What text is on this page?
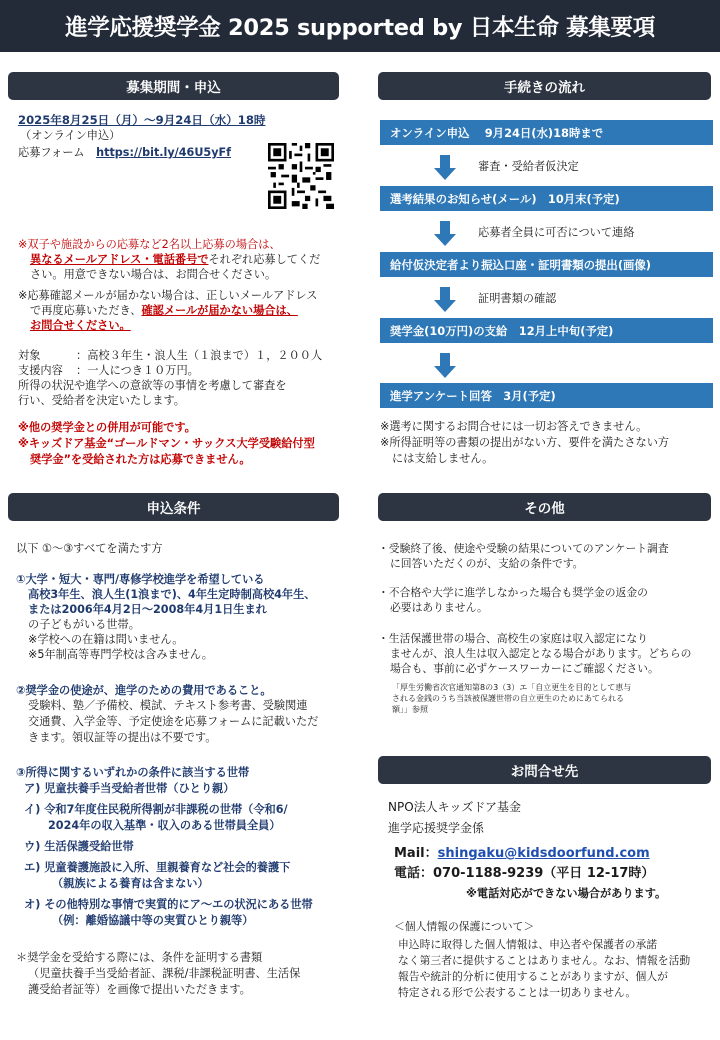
進学応援奨学金 2025 supported by 日本生命 募集要項
募集期間・申込
2025年8月25日（月）～9月24日（水）18時
（オンライン申込）
応募フォーム https://bit.ly/46U5yFf
※双子や施設からの応募など2名以上応募の場合は、
異なるメールアドレス・電話番号でそれぞれ応募してくだ
さい。用意できない場合は、お問合せください。
※応募確認メールが届かない場合は、正しいメールアドレス
で再度応募いただき、確認メールが届かない場合は、
お問合せください。
対象	：高校３年生・浪人生（１浪まで）１，２００人
支援内容 ：一人につき１０万円。
所得の状況や進学への意欲等の事情を考慮して審査を
行い、受給者を決定いたします。
※他の奨学金との併用が可能です。
※キッズドア基金“ゴールドマン・サックス大学受験給付型
奨学金”を受給された方は応募できません。
手続きの流れ
オンライン申込　 9月24日(水)18時まで
審査・受給者仮決定
選考結果のお知らせ(メール)　10月末(予定)
応募者全員に可否について連絡
給付仮決定者より振込口座・証明書類の提出(画像)
証明書類の確認
奨学金(10万円)の支給　12月上中旬(予定)
進学アンケート回答　3月(予定)
※選考に関するお問合せには一切お答えできません。
※所得証明等の書類の提出がない方、要件を満たさない方
には支給しません。
申込条件
以下 ①～③すべてを満たす方
①大学・短大・専門/専修学校進学を希望している
高校3年生、浪人生(1浪まで)、4年生定時制高校4年生、
または2006年4月2日～2008年4月1日生まれ
の子どもがいる世帯。
※学校への在籍は問いません。
※5年制高等専門学校は含みません。
②奨学金の使途が、進学のための費用であること。
受験料、塾／予備校、模試、テキスト参考書、受験関連
交通費、入学金等、予定使途を応募フォームに記載いただ
きます。領収証等の提出は不要です。
③所得に関するいずれかの条件に該当する世帯
ア) 児童扶養手当受給者世帯（ひとり親）
イ) 令和7年度住民税所得割が非課税の世帯（令和6/
2024年の収入基準・収入のある世帯員全員）
ウ) 生活保護受給世帯
エ) 児童養護施設に入所、里親養育など社会的養護下
（親族による養育は含まない）
オ) その他特別な事情で実質的にア～エの状況にある世帯
（例：離婚協議中等の実質ひとり親等）
＊奨学金を受給する際には、条件を証明する書類
（児童扶養手当受給者証、課税/非課税証明書、生活保
護受給者証等）を画像で提出いただきます。
その他
・受験終了後、使途や受験の結果についてのアンケート調査
に回答いただくのが、支給の条件です。
・不合格や大学に進学しなかった場合も奨学金の返金の
必要はありません。
・生活保護世帯の場合、高校生の家庭は収入認定になり
ませんが、浪人生は収入認定となる場合があります。どちらの
場合も、事前に必ずケースワーカーにご確認ください。
「厚生労働省次官通知第8の3（3）エ「自立更生を目的として恵与
される金銭のうち当該被保護世帯の自立更生のためにあてられる
額」」参照
お問合せ先
NPO法人キッズドア基金
進学応援奨学金係
Mail：shingaku@kidsdoorfund.com
電話：070-1188-9239（平日 12-17時）
※電話対応ができない場合があります。
＜個人情報の保護について＞
申込時に取得した個人情報は、申込者や保護者の承諾
なく第三者に提供することはありません。なお、情報を活動
報告や統計的分析に使用することがありますが、個人が
特定される形で公表することは一切ありません。
